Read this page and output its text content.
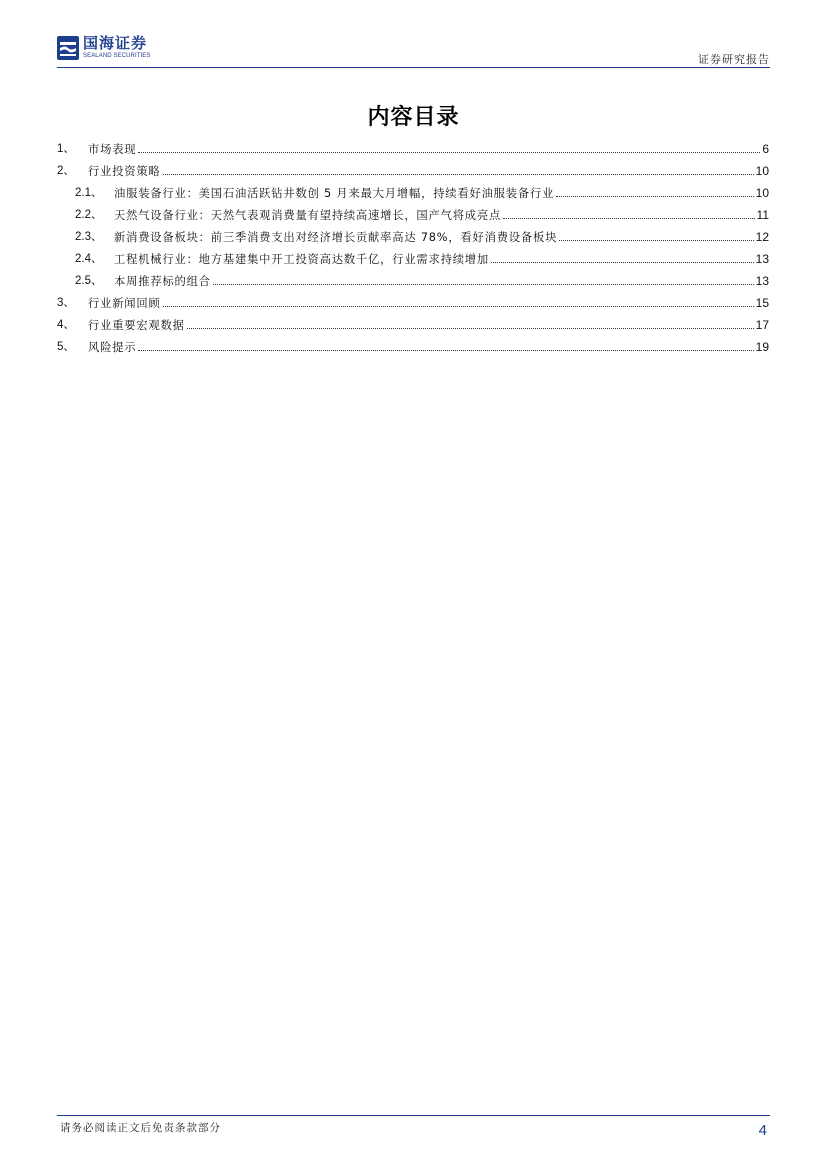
国海证券
SEALAND SECURITIES	证券研究报告
内容目录
1、	市场表现	6
2、	行业投资策略	10
2.1、	油服装备行业：美国石油活跃钻井数创 5 月来最大月增幅，持续看好油服装备行业	10
2.2、	天然气设备行业：天然气表观消费量有望持续高速增长，国产气将成亮点	11
2.3、	新消费设备板块：前三季消费支出对经济增长贡献率高达 78%，看好消费设备板块	12
2.4、	工程机械行业：地方基建集中开工投资高达数千亿，行业需求持续增加	13
2.5、	本周推荐标的组合	13
3、	行业新闻回顾	15
4、	行业重要宏观数据	17
5、	风险提示	19
请务必阅读正文后免责条款部分	4
